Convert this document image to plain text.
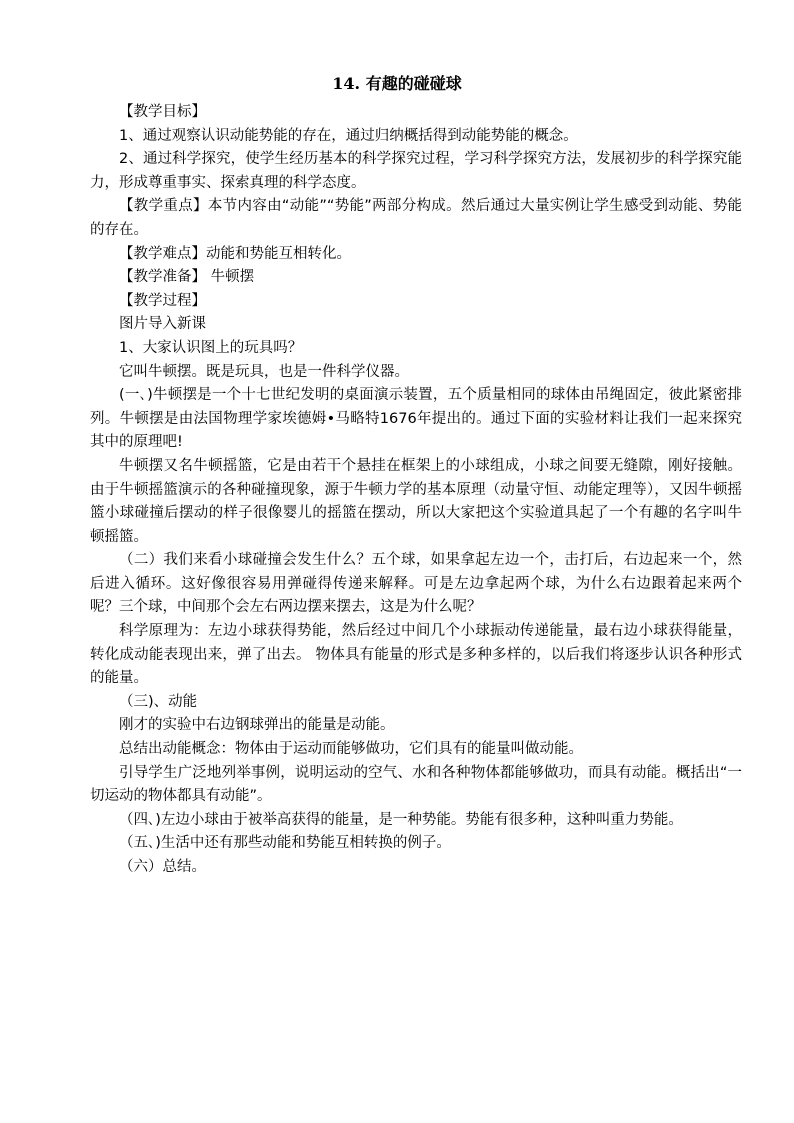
14. 有趣的碰碰球

【教学目标】

1、通过观察认识动能势能的存在，通过归纳概括得到动能势能的概念。

2、通过科学探究，使学生经历基本的科学探究过程，学习科学探究方法，发展初步的科学探究能力，形成尊重事实、探索真理的科学态度。

【教学重点】本节内容由“动能”“势能”两部分构成。然后通过大量实例让学生感受到动能、势能的存在。

【教学难点】动能和势能互相转化。

【教学准备】 牛顿摆

【教学过程】

图片导入新课

1、大家认识图上的玩具吗？

它叫牛顿摆。既是玩具，也是一件科学仪器。

(一､)牛顿摆是一个十七世纪发明的桌面演示装置，五个质量相同的球体由吊绳固定，彼此紧密排列。牛顿摆是由法国物理学家埃德姆•马略特1676年提出的。通过下面的实验材料让我们一起来探究其中的原理吧!

牛顿摆又名牛顿摇篮，它是由若干个悬挂在框架上的小球组成，小球之间要无缝隙，刚好接触。由于牛顿摇篮演示的各种碰撞现象，源于牛顿力学的基本原理（动量守恒、动能定理等），又因牛顿摇篮小球碰撞后摆动的样子很像婴儿的摇篮在摆动，所以大家把这个实验道具起了一个有趣的名字叫牛顿摇篮。

（二）我们来看小球碰撞会发生什么？五个球，如果拿起左边一个，击打后，右边起来一个，然后进入循环。这好像很容易用弹碰得传递来解释。可是左边拿起两个球，为什么右边跟着起来两个呢？三个球，中间那个会左右两边摆来摆去，这是为什么呢？

科学原理为：左边小球获得势能，然后经过中间几个小球振动传递能量，最右边小球获得能量，转化成动能表现出来，弹了出去。 物体具有能量的形式是多种多样的，以后我们将逐步认识各种形式的能量。

（三)、动能

刚才的实验中右边钢球弹出的能量是动能。

总结出动能概念：物体由于运动而能够做功，它们具有的能量叫做动能。

引导学生广泛地列举事例，说明运动的空气、水和各种物体都能够做功，而具有动能。概括出“一切运动的物体都具有动能”。

（四､)左边小球由于被举高获得的能量，是一种势能。势能有很多种，这种叫重力势能。

（五､)生活中还有那些动能和势能互相转换的例子。

（六）总结。
